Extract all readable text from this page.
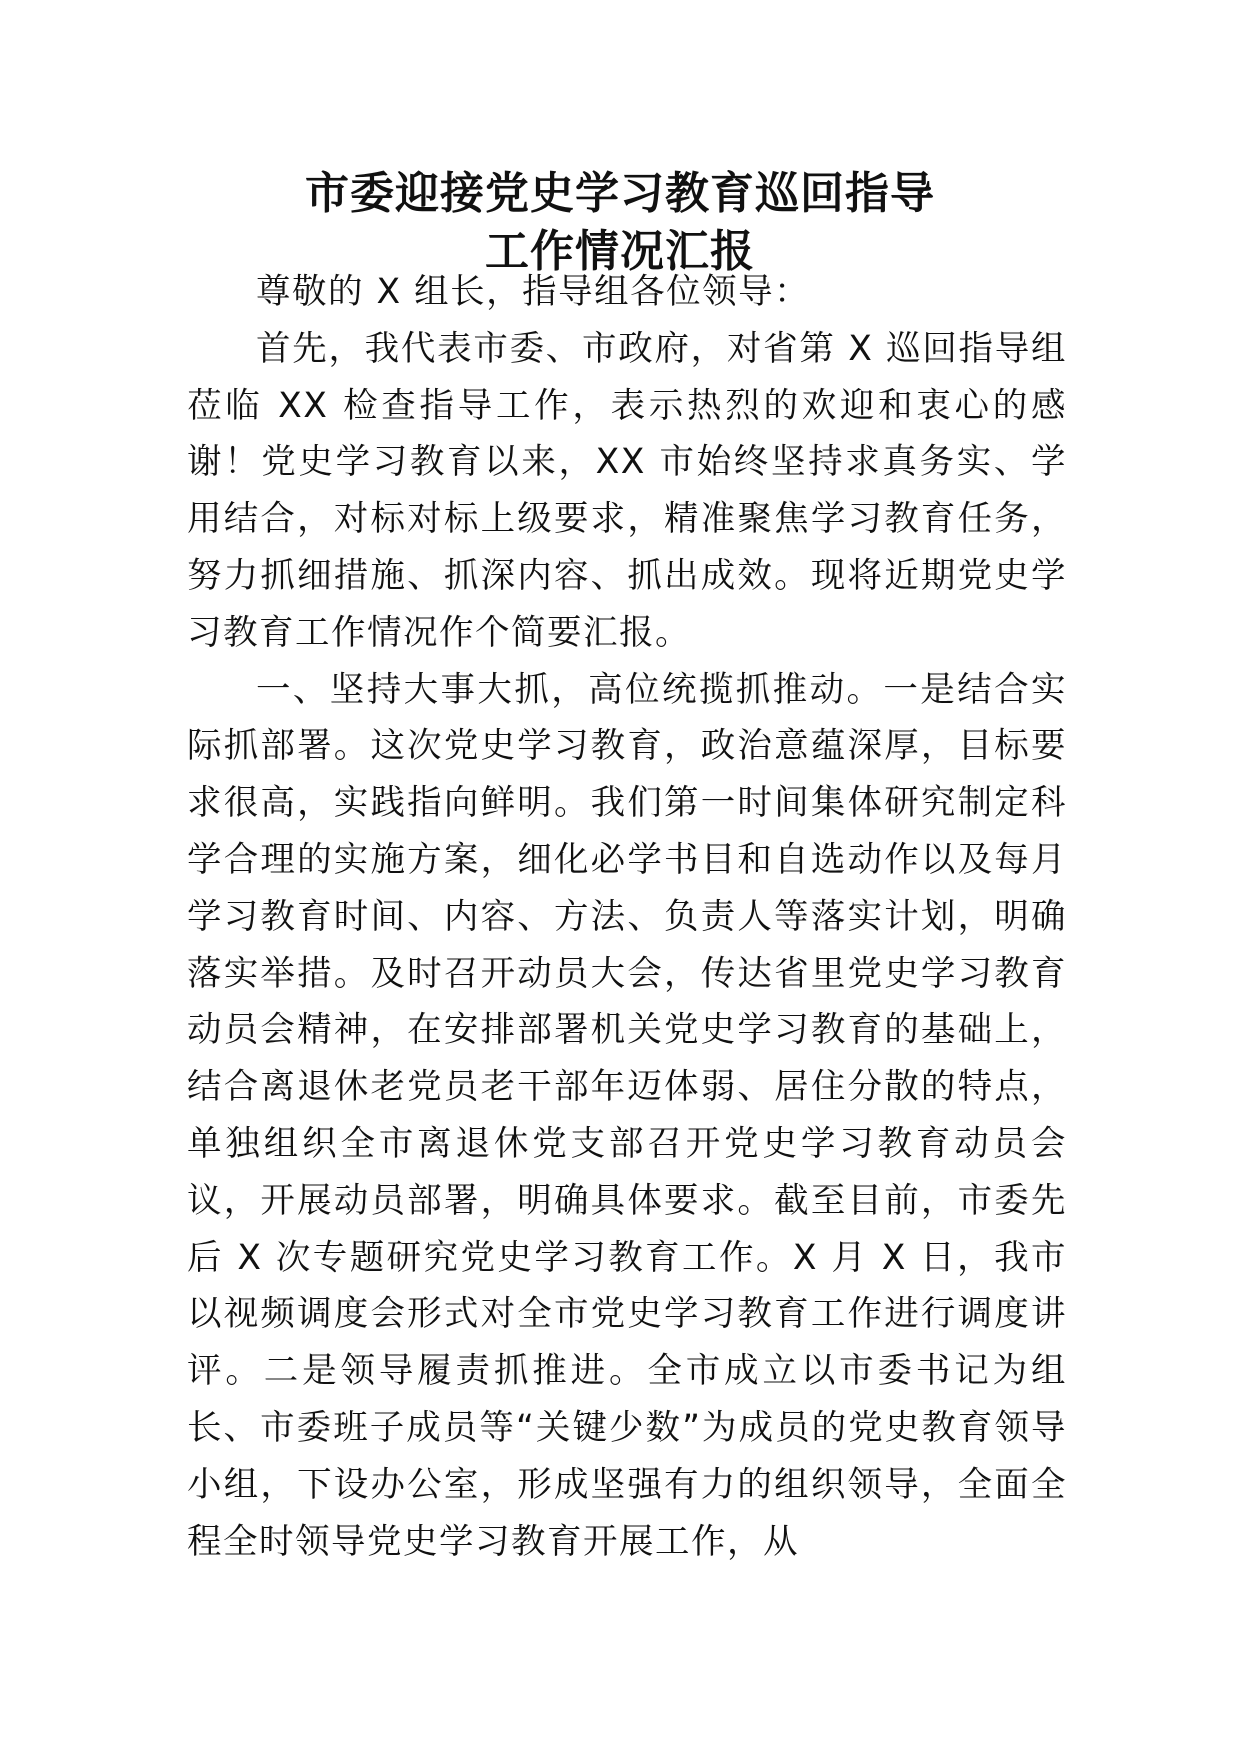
市委迎接党史学习教育巡回指导
工作情况汇报

尊敬的 X 组长，指导组各位领导：

首先，我代表市委、市政府，对省第 X 巡回指导组莅临 XX 检查指导工作，表示热烈的欢迎和衷心的感谢！党史学习教育以来，XX 市始终坚持求真务实、学用结合，对标对标上级要求，精准聚焦学习教育任务，努力抓细措施、抓深内容、抓出成效。现将近期党史学习教育工作情况作个简要汇报。

一、坚持大事大抓，高位统揽抓推动。一是结合实际抓部署。这次党史学习教育，政治意蕴深厚，目标要求很高，实践指向鲜明。我们第一时间集体研究制定科学合理的实施方案，细化必学书目和自选动作以及每月学习教育时间、内容、方法、负责人等落实计划，明确落实举措。及时召开动员大会，传达省里党史学习教育动员会精神，在安排部署机关党史学习教育的基础上，结合离退休老党员老干部年迈体弱、居住分散的特点，单独组织全市离退休党支部召开党史学习教育动员会议，开展动员部署，明确具体要求。截至目前，市委先后 X 次专题研究党史学习教育工作。X 月 X 日，我市以视频调度会形式对全市党史学习教育工作进行调度讲评。二是领导履责抓推进。全市成立以市委书记为组长、市委班子成员等“关键少数”为成员的党史教育领导小组，下设办公室，形成坚强有力的组织领导，全面全程全时领导党史学习教育开展工作，从
